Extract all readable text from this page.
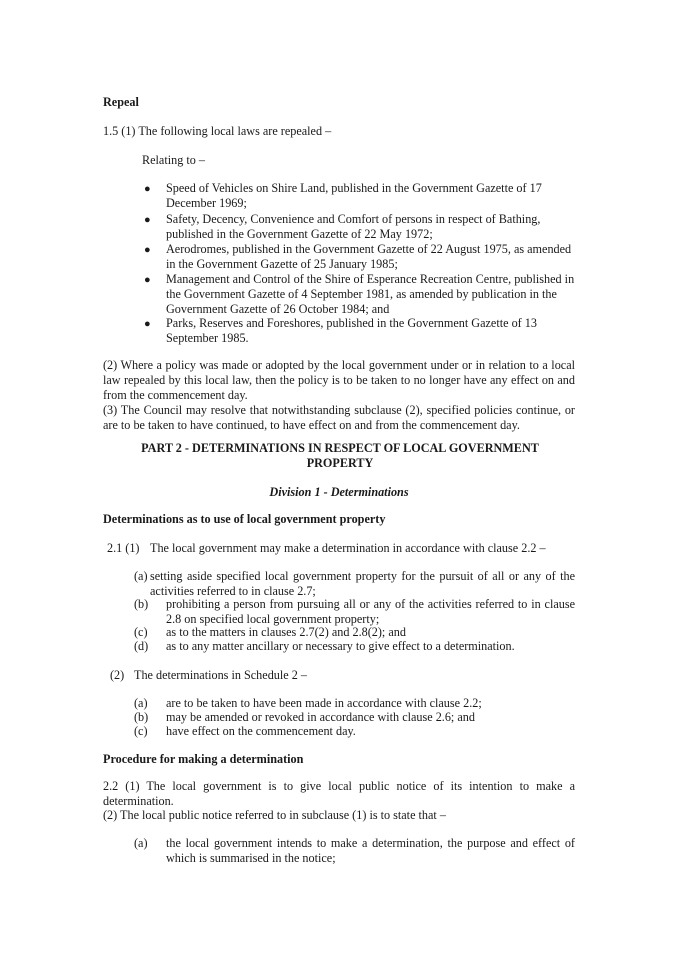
Repeal
1.5 (1) The following local laws are repealed –
Relating to –
● Speed of Vehicles on Shire Land, published in the Government Gazette of 17 December 1969;
● Safety, Decency, Convenience and Comfort of persons in respect of Bathing, published in the Government Gazette of 22 May 1972;
● Aerodromes, published in the Government Gazette of 22 August 1975, as amended in the Government Gazette of 25 January 1985;
● Management and Control of the Shire of Esperance Recreation Centre, published in the Government Gazette of 4 September 1981, as amended by publication in the Government Gazette of 26 October 1984; and
● Parks, Reserves and Foreshores, published in the Government Gazette of 13 September 1985.
(2) Where a policy was made or adopted by the local government under or in relation to a local law repealed by this local law, then the policy is to be taken to no longer have any effect on and from the commencement day.
(3) The Council may resolve that notwithstanding subclause (2), specified policies continue, or are to be taken to have continued, to have effect on and from the commencement day.
PART 2 - DETERMINATIONS IN RESPECT OF LOCAL GOVERNMENT PROPERTY
Division 1 - Determinations
Determinations as to use of local government property
2.1 (1) The local government may make a determination in accordance with clause 2.2 –
(a) setting aside specified local government property for the pursuit of all or any of the activities referred to in clause 2.7;
(b) prohibiting a person from pursuing all or any of the activities referred to in clause 2.8 on specified local government property;
(c) as to the matters in clauses 2.7(2) and 2.8(2); and
(d) as to any matter ancillary or necessary to give effect to a determination.
(2) The determinations in Schedule 2 –
(a) are to be taken to have been made in accordance with clause 2.2;
(b) may be amended or revoked in accordance with clause 2.6; and
(c) have effect on the commencement day.
Procedure for making a determination
2.2 (1) The local government is to give local public notice of its intention to make a determination.
(2) The local public notice referred to in subclause (1) is to state that –
(a) the local government intends to make a determination, the purpose and effect of which is summarised in the notice;
